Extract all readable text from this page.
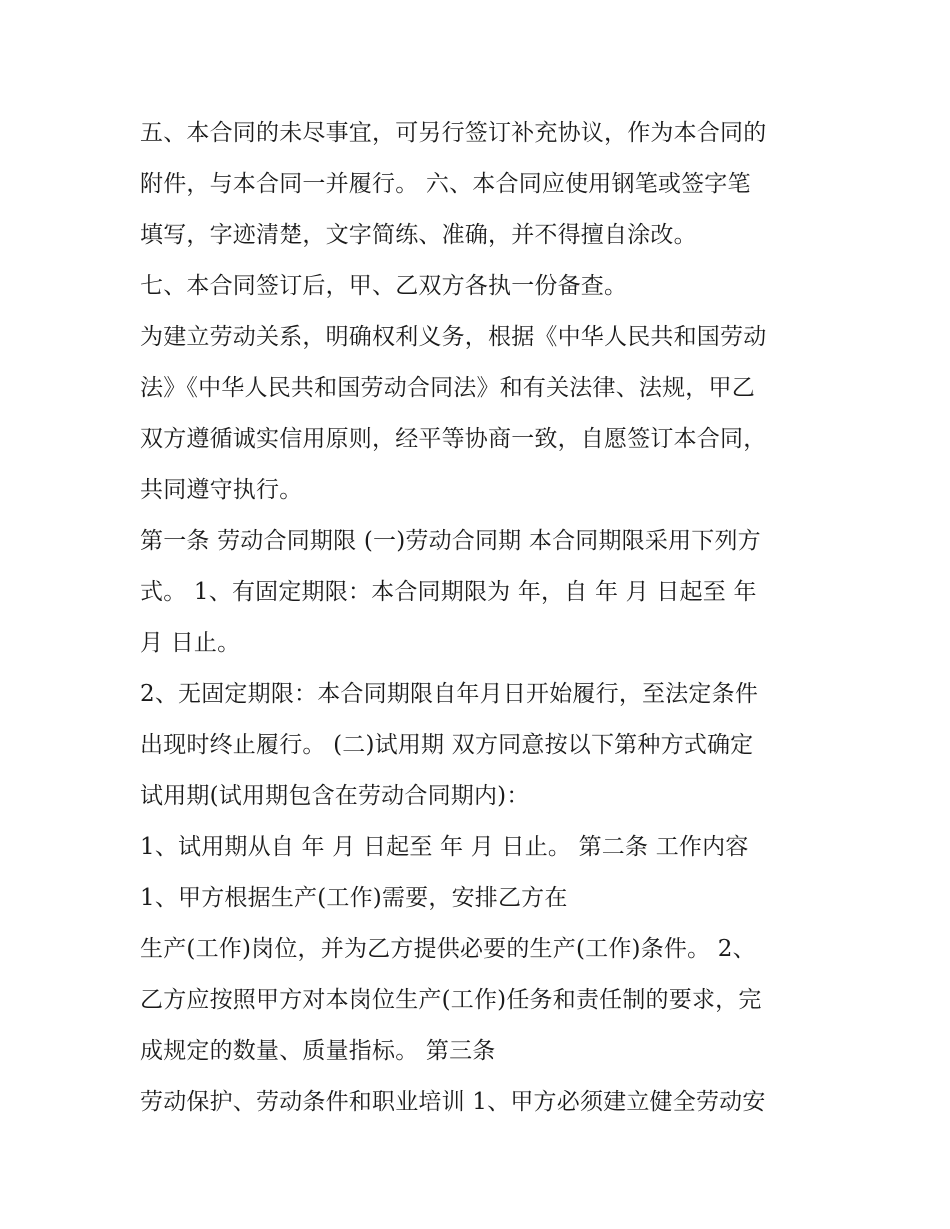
五、本合同的未尽事宜，可另行签订补充协议，作为本合同的
附件，与本合同一并履行。 六、本合同应使用钢笔或签字笔
填写，字迹清楚，文字简练、准确，并不得擅自涂改。
七、本合同签订后，甲、乙双方各执一份备查。
为建立劳动关系，明确权利义务，根据《中华人民共和国劳动
法》《中华人民共和国劳动合同法》和有关法律、法规，甲乙
双方遵循诚实信用原则，经平等协商一致，自愿签订本合同，
共同遵守执行。
第一条 劳动合同期限 (一)劳动合同期 本合同期限采用下列方
式。 1、有固定期限：本合同期限为 年，自 年 月 日起至 年
月 日止。
2、无固定期限：本合同期限自年月日开始履行，至法定条件
出现时终止履行。 (二)试用期 双方同意按以下第种方式确定
试用期(试用期包含在劳动合同期内)：
1、试用期从自 年 月 日起至 年 月 日止。 第二条 工作内容
1、甲方根据生产(工作)需要，安排乙方在
生产(工作)岗位，并为乙方提供必要的生产(工作)条件。 2、
乙方应按照甲方对本岗位生产(工作)任务和责任制的要求，完
成规定的数量、质量指标。 第三条
劳动保护、劳动条件和职业培训 1、甲方必须建立健全劳动安
